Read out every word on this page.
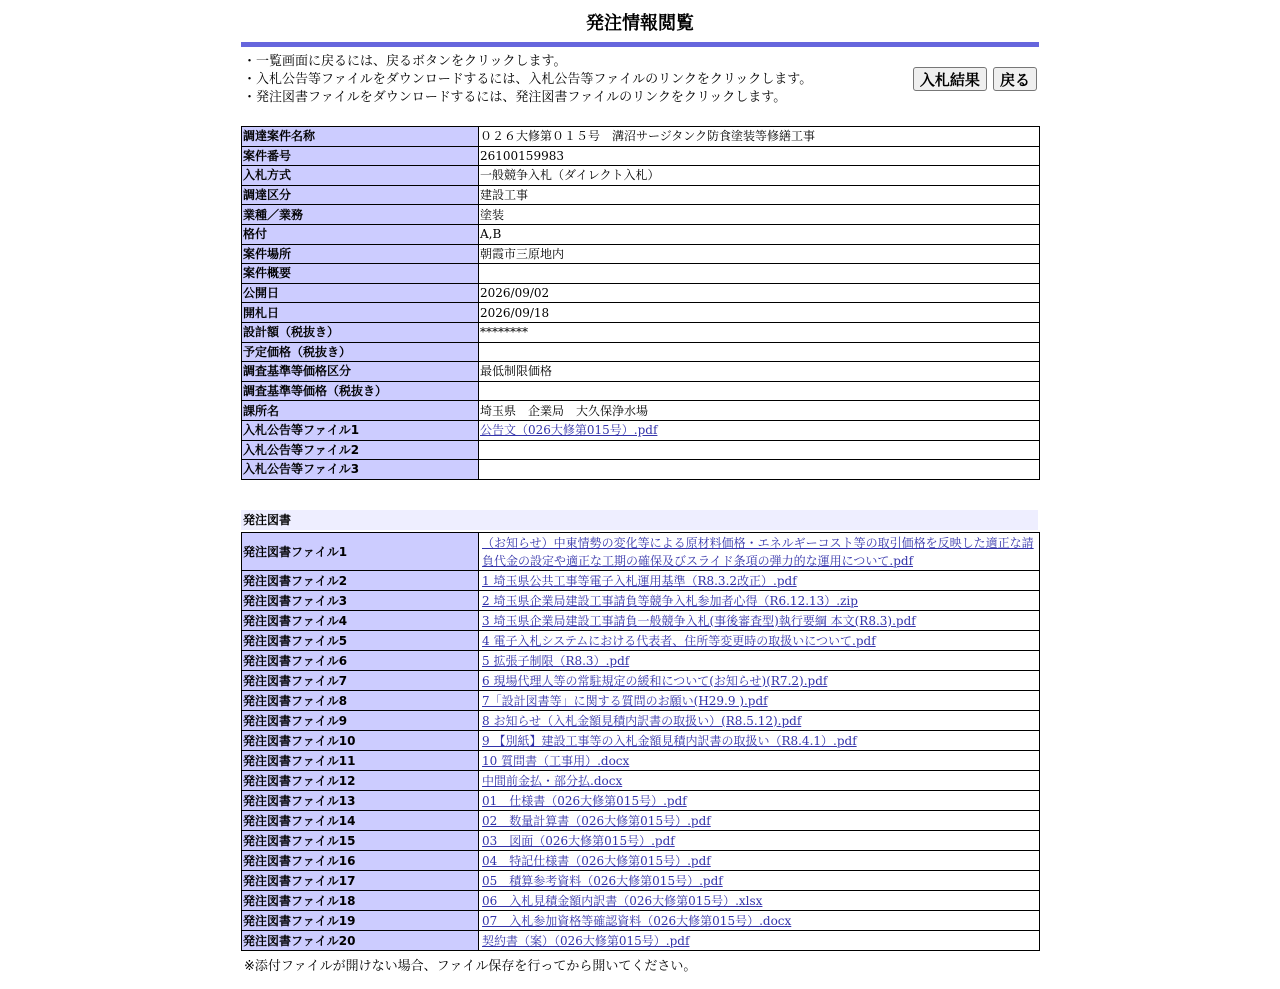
発注情報閲覧
・一覧画面に戻るには、戻るボタンをクリックします。
・入札公告等ファイルをダウンロードするには、入札公告等ファイルのリンクをクリックします。
・発注図書ファイルをダウンロードするには、発注図書ファイルのリンクをクリックします。
入札結果 戻る
調達案件名称	０２６大修第０１５号　溝沼サージタンク防食塗装等修繕工事
案件番号	26100159983
入札方式	一般競争入札（ダイレクト入札）
調達区分	建設工事
業種／業務	塗装
格付	A,B
案件場所	朝霞市三原地内
案件概要	
公開日	2026/09/02
開札日	2026/09/18
設計額（税抜き）	********
予定価格（税抜き）	
調査基準等価格区分	最低制限価格
調査基準等価格（税抜き）	
課所名	埼玉県　企業局　大久保浄水場
入札公告等ファイル1	公告文（026大修第015号）.pdf
入札公告等ファイル2	
入札公告等ファイル3	
発注図書
発注図書ファイル1	（お知らせ）中東情勢の変化等による原材料価格・エネルギーコスト等の取引価格を反映した適正な請負代金の設定や適正な工期の確保及びスライド条項の弾力的な運用について.pdf
発注図書ファイル2	1 埼玉県公共工事等電子入札運用基準（R8.3.2改正）.pdf
発注図書ファイル3	2 埼玉県企業局建設工事請負等競争入札参加者心得（R6.12.13）.zip
発注図書ファイル4	3 埼玉県企業局建設工事請負一般競争入札(事後審査型)執行要綱 本文(R8.3).pdf
発注図書ファイル5	4 電子入札システムにおける代表者、住所等変更時の取扱いについて.pdf
発注図書ファイル6	5 拡張子制限（R8.3）.pdf
発注図書ファイル7	6 現場代理人等の常駐規定の緩和について(お知らせ)(R7.2).pdf
発注図書ファイル8	7「設計図書等」に関する質問のお願い(H29.9 ).pdf
発注図書ファイル9	8 お知らせ（入札金額見積内訳書の取扱い）(R8.5.12).pdf
発注図書ファイル10	9 【別紙】建設工事等の入札金額見積内訳書の取扱い（R8.4.1）.pdf
発注図書ファイル11	10 質問書（工事用）.docx
発注図書ファイル12	中間前金払・部分払.docx
発注図書ファイル13	01　仕様書（026大修第015号）.pdf
発注図書ファイル14	02　数量計算書（026大修第015号）.pdf
発注図書ファイル15	03　図面（026大修第015号）.pdf
発注図書ファイル16	04　特記仕様書（026大修第015号）.pdf
発注図書ファイル17	05　積算参考資料（026大修第015号）.pdf
発注図書ファイル18	06　入札見積金額内訳書（026大修第015号）.xlsx
発注図書ファイル19	07　入札参加資格等確認資料（026大修第015号）.docx
発注図書ファイル20	契約書（案）（026大修第015号）.pdf
※添付ファイルが開けない場合、ファイル保存を行ってから開いてください。
